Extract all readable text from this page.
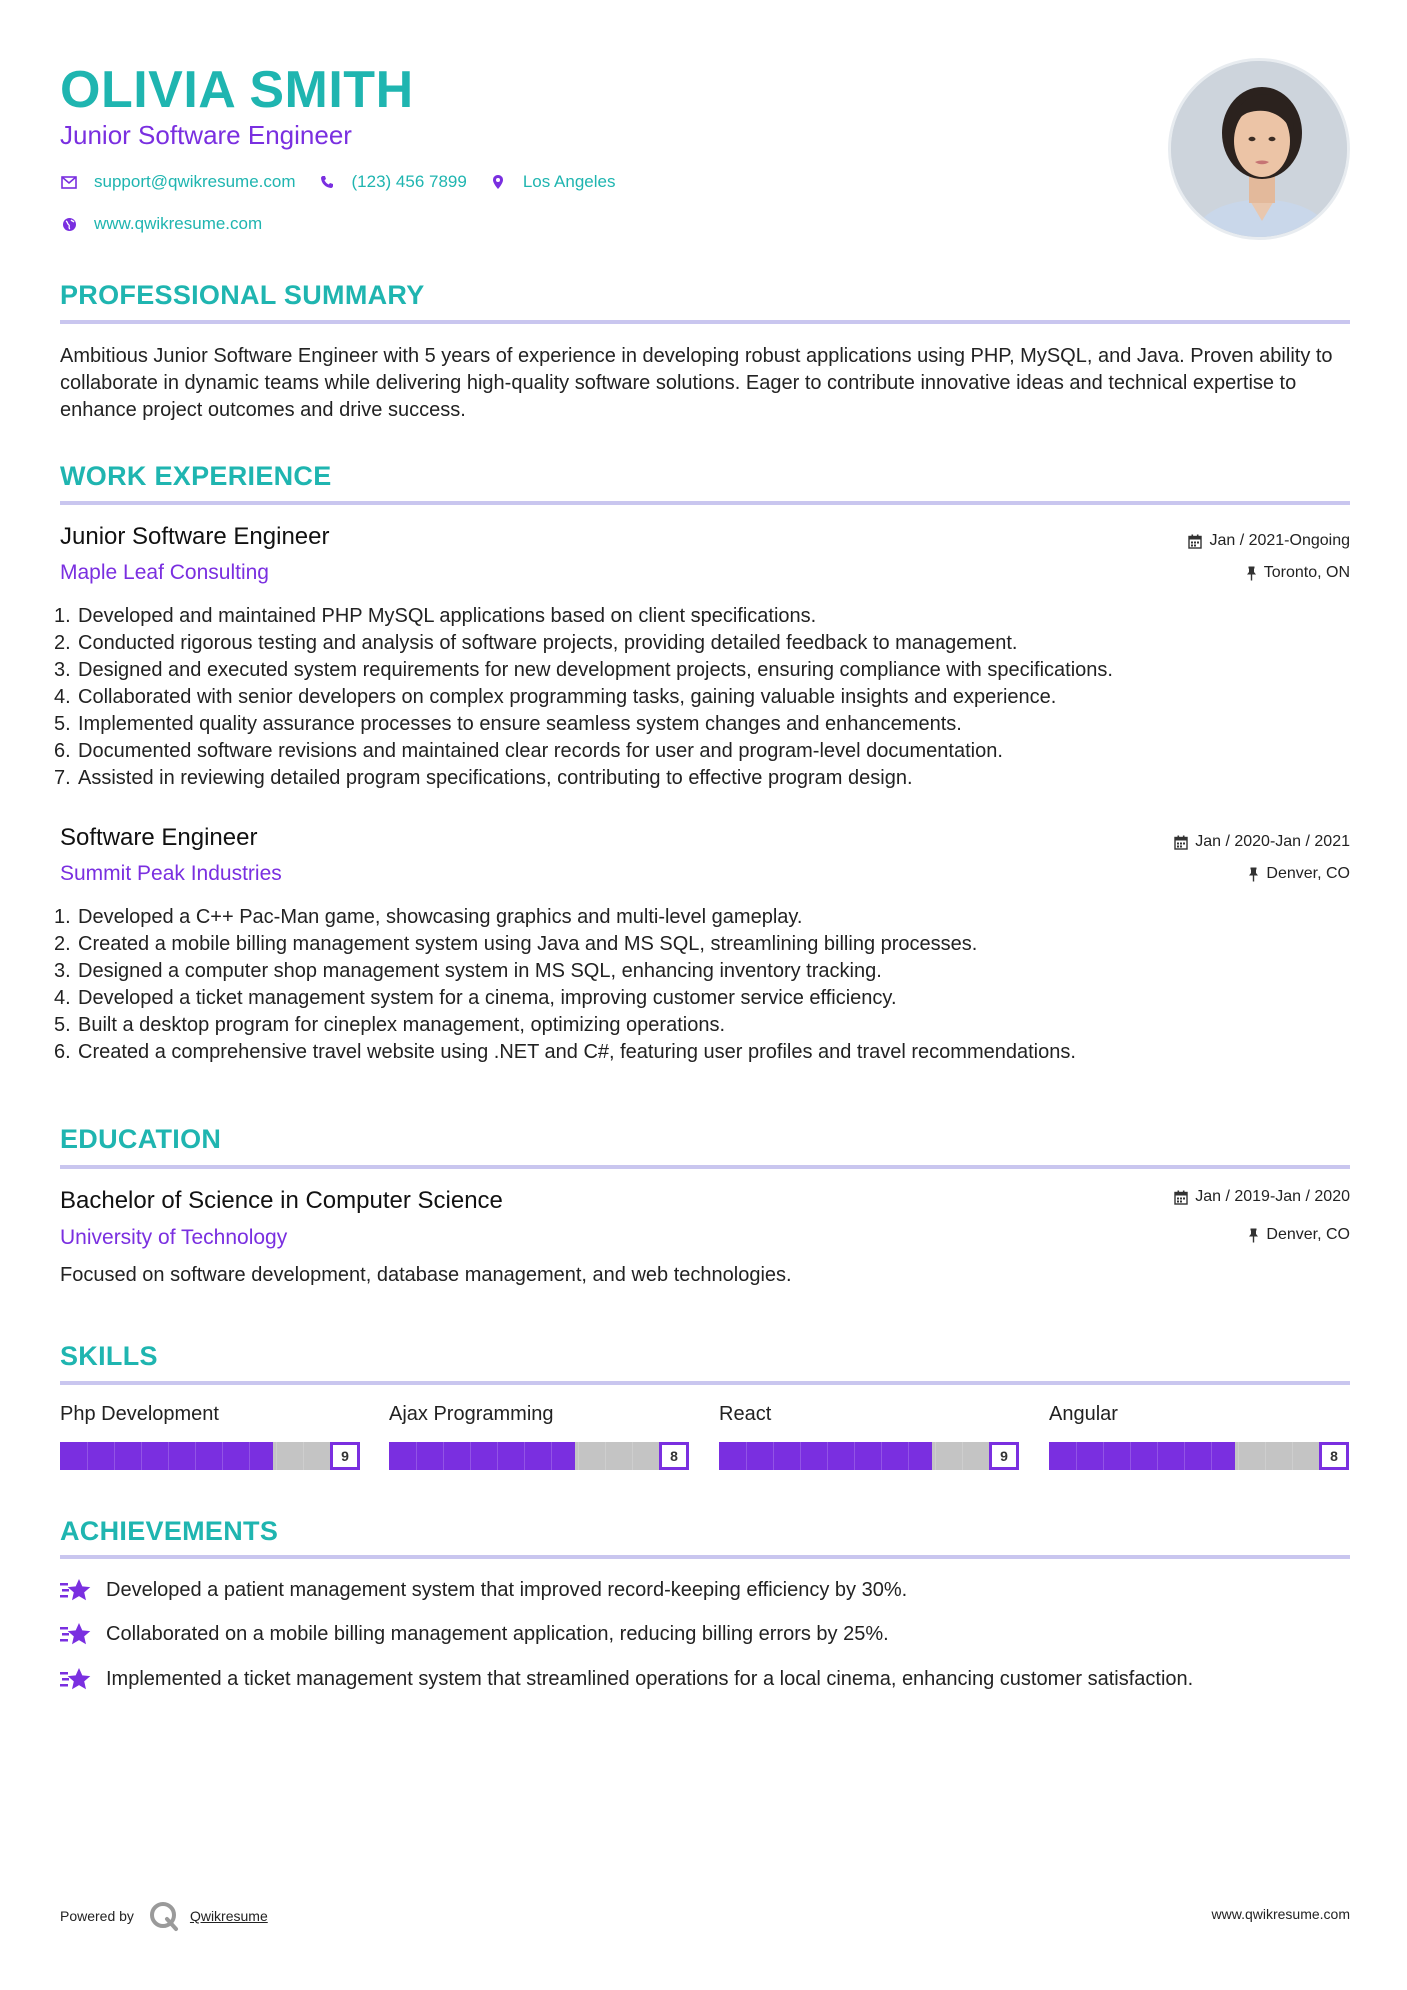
OLIVIA SMITH
Junior Software Engineer
support@qwikresume.com	(123) 456 7899	Los Angeles
www.qwikresume.com
PROFESSIONAL SUMMARY
Ambitious Junior Software Engineer with 5 years of experience in developing robust applications using PHP, MySQL, and Java. Proven ability to collaborate in dynamic teams while delivering high-quality software solutions. Eager to contribute innovative ideas and technical expertise to enhance project outcomes and drive success.
WORK EXPERIENCE
Junior Software Engineer
Maple Leaf Consulting
Jan / 2021-Ongoing
Toronto, ON
1. Developed and maintained PHP MySQL applications based on client specifications.
2. Conducted rigorous testing and analysis of software projects, providing detailed feedback to management.
3. Designed and executed system requirements for new development projects, ensuring compliance with specifications.
4. Collaborated with senior developers on complex programming tasks, gaining valuable insights and experience.
5. Implemented quality assurance processes to ensure seamless system changes and enhancements.
6. Documented software revisions and maintained clear records for user and program-level documentation.
7. Assisted in reviewing detailed program specifications, contributing to effective program design.
Software Engineer
Summit Peak Industries
Jan / 2020-Jan / 2021
Denver, CO
1. Developed a C++ Pac-Man game, showcasing graphics and multi-level gameplay.
2. Created a mobile billing management system using Java and MS SQL, streamlining billing processes.
3. Designed a computer shop management system in MS SQL, enhancing inventory tracking.
4. Developed a ticket management system for a cinema, improving customer service efficiency.
5. Built a desktop program for cineplex management, optimizing operations.
6. Created a comprehensive travel website using .NET and C#, featuring user profiles and travel recommendations.
EDUCATION
Bachelor of Science in Computer Science
University of Technology
Jan / 2019-Jan / 2020
Denver, CO
Focused on software development, database management, and web technologies.
SKILLS
Php Development
9
Ajax Programming
8
React
9
Angular
8
ACHIEVEMENTS
Developed a patient management system that improved record-keeping efficiency by 30%.
Collaborated on a mobile billing management application, reducing billing errors by 25%.
Implemented a ticket management system that streamlined operations for a local cinema, enhancing customer satisfaction.
Powered by	Qwikresume	www.qwikresume.com
